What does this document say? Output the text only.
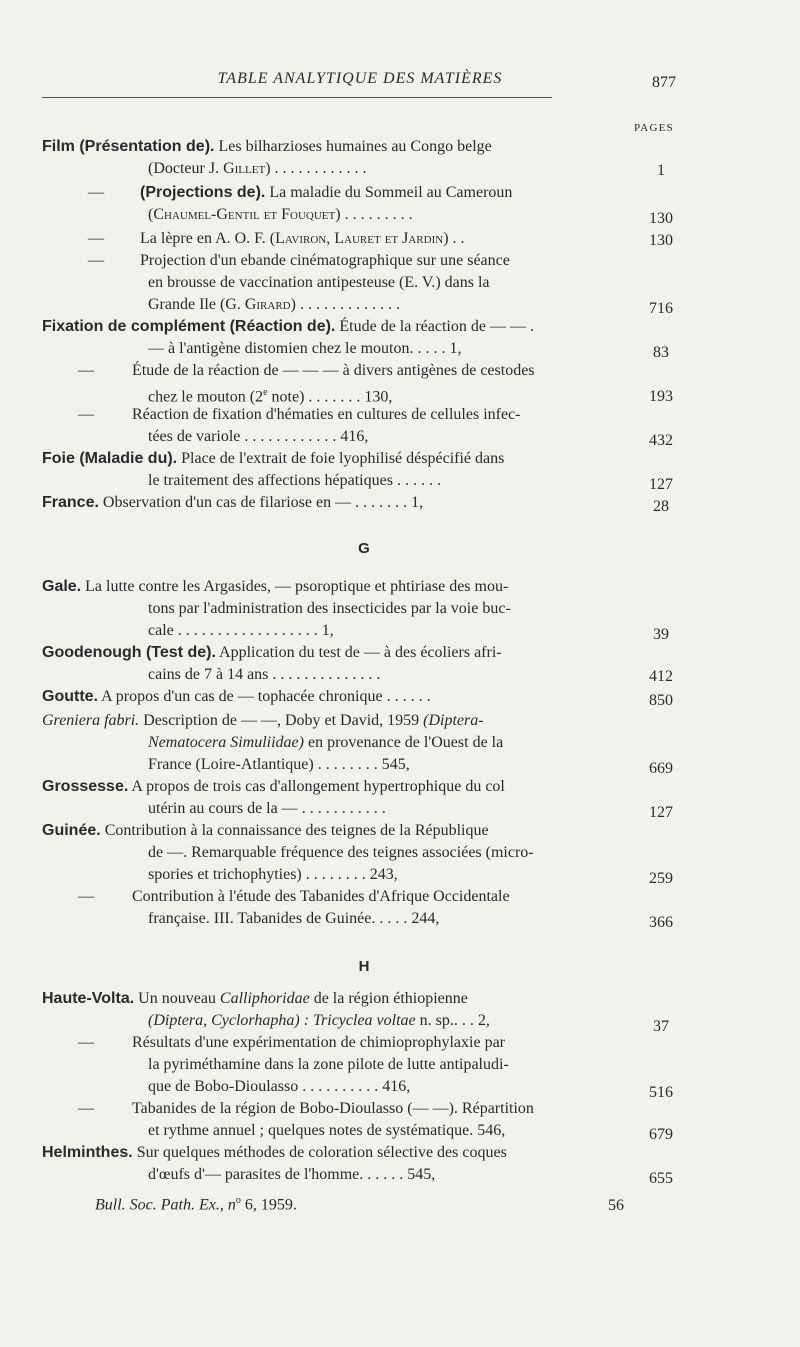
TABLE ANALYTIQUE DES MATIÈRES	877
PAGES
Film (Présentation de). Les bilharzioses humaines au Congo belge
(Docteur J. Gillet) . . . . . . . . . . . .	1
— (Projections de). La maladie du Sommeil au Cameroun
(Chaumel-Gentil et Fouquet) . . . . . . . . .	130
— La lèpre en A. O. F. (Laviron, Lauret et Jardin) . .	130
— Projection d'un ebande cinématographique sur une séance
en brousse de vaccination antipesteuse (E. V.) dans la
Grande Ile (G. Girard) . . . . . . . . . . . . .	716
Fixation de complément (Réaction de). Étude de la réaction de — — .
— à l'antigène distomien chez le mouton. . . . . 1,	83
— Étude de la réaction de — — — à divers antigènes de cestodes
chez le mouton (2e note) . . . . . . . 130,	193
— Réaction de fixation d'hématies en cultures de cellules infec-
tées de variole . . . . . . . . . . . . 416,	432
Foie (Maladie du). Place de l'extrait de foie lyophilisé déspécifié dans
le traitement des affections hépatiques . . . . . .	127
France. Observation d'un cas de filariose en — . . . . . . . 1,	28
G
Gale. La lutte contre les Argasides, — psoroptique et phtiriase des mou-
tons par l'administration des insecticides par la voie buc-
cale . . . . . . . . . . . . . . . . . . 1,	39
Goodenough (Test de). Application du test de — à des écoliers afri-
cains de 7 à 14 ans . . . . . . . . . . . . . .	412
Goutte. A propos d'un cas de — tophacée chronique . . . . . .	850
Greniera fabri. Description de — —, Doby et David, 1959 (Diptera-
Nematocera Simuliidae) en provenance de l'Ouest de la
France (Loire-Atlantique) . . . . . . . . 545,	669
Grossesse. A propos de trois cas d'allongement hypertrophique du col
utérin au cours de la — . . . . . . . . . . .	127
Guinée. Contribution à la connaissance des teignes de la République
de —. Remarquable fréquence des teignes associées (micro-
spories et trichophyties) . . . . . . . . 243,	259
— Contribution à l'étude des Tabanides d'Afrique Occidentale
française. III. Tabanides de Guinée. . . . . 244,	366
H
Haute-Volta. Un nouveau Calliphoridae de la région éthiopienne
(Diptera, Cyclorhapha) : Tricyclea voltae n. sp.. . . 2,	37
— Résultats d'une expérimentation de chimioprophylaxie par
la pyriméthamine dans la zone pilote de lutte antipaludi-
que de Bobo-Dioulasso . . . . . . . . . . 416,	516
— Tabanides de la région de Bobo-Dioulasso (— —). Répartition
et rythme annuel ; quelques notes de systématique. 546,	679
Helminthes. Sur quelques méthodes de coloration sélective des coques
d'œufs d'— parasites de l'homme. . . . . . 545,	655
Bull. Soc. Path. Ex., $n^o$ 6, 1959.	56
